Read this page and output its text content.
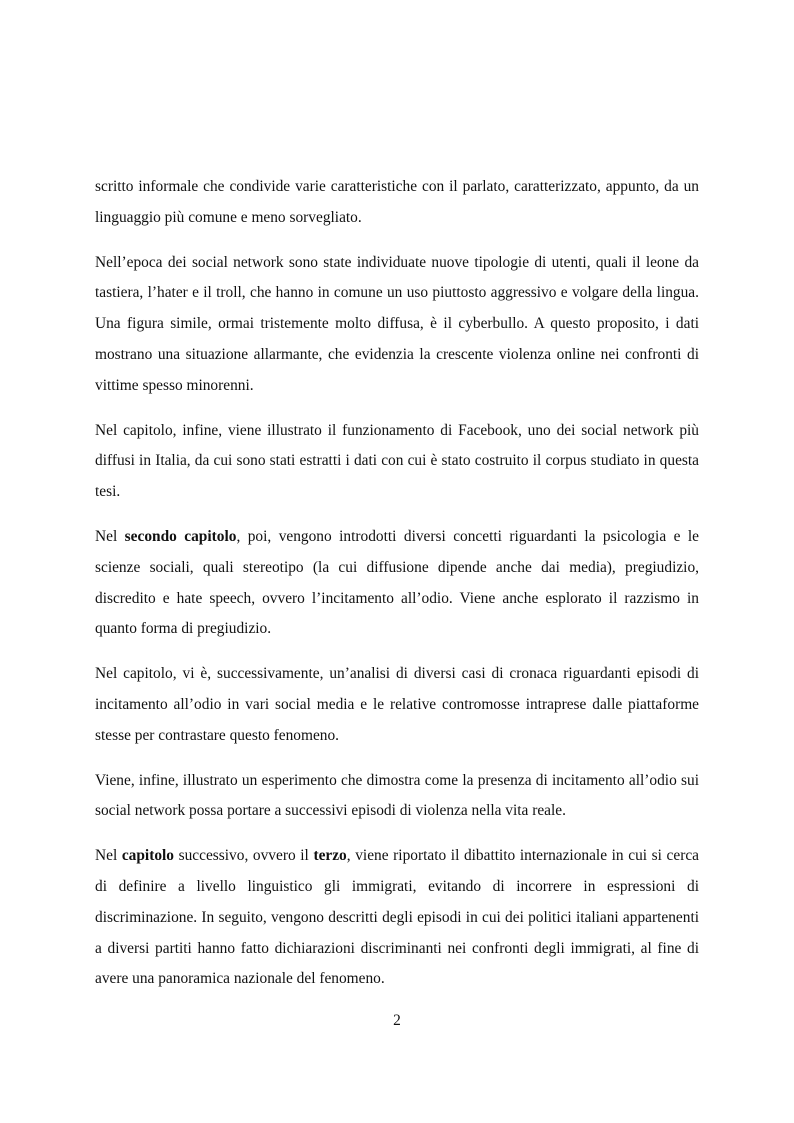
scritto informale che condivide varie caratteristiche con il parlato, caratterizzato, appunto, da un linguaggio più comune e meno sorvegliato.

Nell’epoca dei social network sono state individuate nuove tipologie di utenti, quali il leone da tastiera, l’hater e il troll, che hanno in comune un uso piuttosto aggressivo e volgare della lingua. Una figura simile, ormai tristemente molto diffusa, è il cyberbullo. A questo proposito, i dati mostrano una situazione allarmante, che evidenzia la crescente violenza online nei confronti di vittime spesso minorenni.

Nel capitolo, infine, viene illustrato il funzionamento di Facebook, uno dei social network più diffusi in Italia, da cui sono stati estratti i dati con cui è stato costruito il corpus studiato in questa tesi.

Nel secondo capitolo, poi, vengono introdotti diversi concetti riguardanti la psicologia e le scienze sociali, quali stereotipo (la cui diffusione dipende anche dai media), pregiudizio, discredito e hate speech, ovvero l’incitamento all’odio. Viene anche esplorato il razzismo in quanto forma di pregiudizio.

Nel capitolo, vi è, successivamente, un’analisi di diversi casi di cronaca riguardanti episodi di incitamento all’odio in vari social media e le relative contromosse intraprese dalle piattaforme stesse per contrastare questo fenomeno.

Viene, infine, illustrato un esperimento che dimostra come la presenza di incitamento all’odio sui social network possa portare a successivi episodi di violenza nella vita reale.

Nel capitolo successivo, ovvero il terzo, viene riportato il dibattito internazionale in cui si cerca di definire a livello linguistico gli immigrati, evitando di incorrere in espressioni di discriminazione. In seguito, vengono descritti degli episodi in cui dei politici italiani appartenenti a diversi partiti hanno fatto dichiarazioni discriminanti nei confronti degli immigrati, al fine di avere una panoramica nazionale del fenomeno.

2
